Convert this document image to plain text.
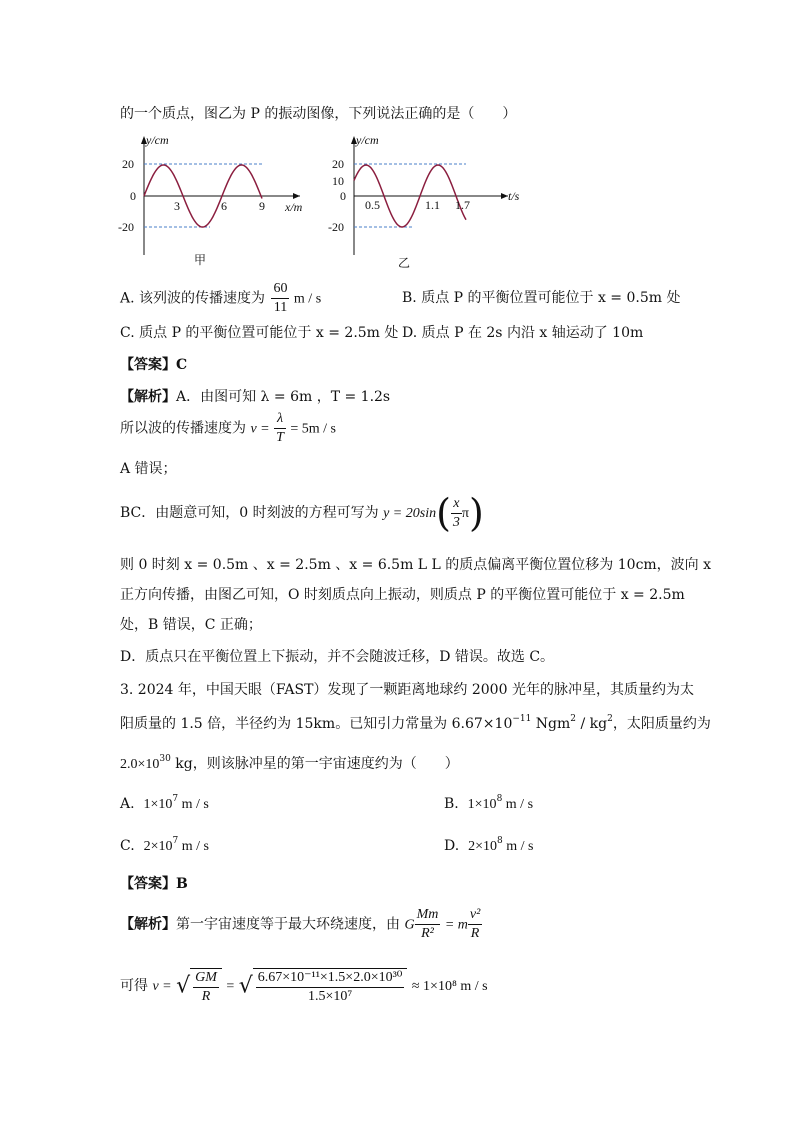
的一个质点，图乙为 P 的振动图像，下列说法正确的是（　　）
y/cm
x/m
20
0
-20
3	6	9
甲
y/cm
t/s
20
10
0
-20
0.5	1.1 1.7
乙
A. 该列波的传播速度为 $\frac{60}{11}$ m / s	B. 质点 P 的平衡位置可能位于 x = 0.5m 处
C. 质点 P 的平衡位置可能位于 x = 2.5m 处 D. 质点 P 在 2s 内沿 x 轴运动了 10m
【答案】C
【解析】A．由图可知 λ = 6m ，T = 1.2s
所以波的传播速度为 $v = \frac{\lambda}{T} = 5m / s$
A 错误；
BC．由题意可知，0 时刻波的方程可写为 $y = 20\sin( \frac{x}{3} \pi)$
则 0 时刻 x = 0.5m 、x = 2.5m 、x = 6.5m L L 的质点偏离平衡位置位移为 10cm，波向 x
正方向传播，由图乙可知，O 时刻质点向上振动，则质点 P 的平衡位置可能位于 x = 2.5m
处，B 错误，C 正确；
D．质点只在平衡位置上下振动，并不会随波迁移，D 错误。故选 C。
3. 2024 年，中国天眼（FAST）发现了一颗距离地球约 2000 光年的脉冲星，其质量约为太
阳质量的 1.5 倍，半径约为 15km。已知引力常量为 $6.67\times 10^{-11}$ $Ngm^2 / kg^2$，太阳质量约为
$2.0\times 10^{30}$ kg，则该脉冲星的第一宇宙速度约为（　　）
A. $1\times 10^7$ m / s	B. $1\times 10^8$ m / s
C. $2\times 10^7$ m / s	D. $2\times 10^8$ m / s
【答案】B
【解析】第一宇宙速度等于最大环绕速度，由 G $\frac{Mm}{\text{R²}} = m \frac{\text{v²}}{R}$
可得 v = √ $\frac{GM}{R}$ = √ $\frac{\text{6.67×10⁻¹¹×1.5×2.0×10³⁰}}{\text{1.5×10⁷}} \approx 1\times 10^8$ m / s
